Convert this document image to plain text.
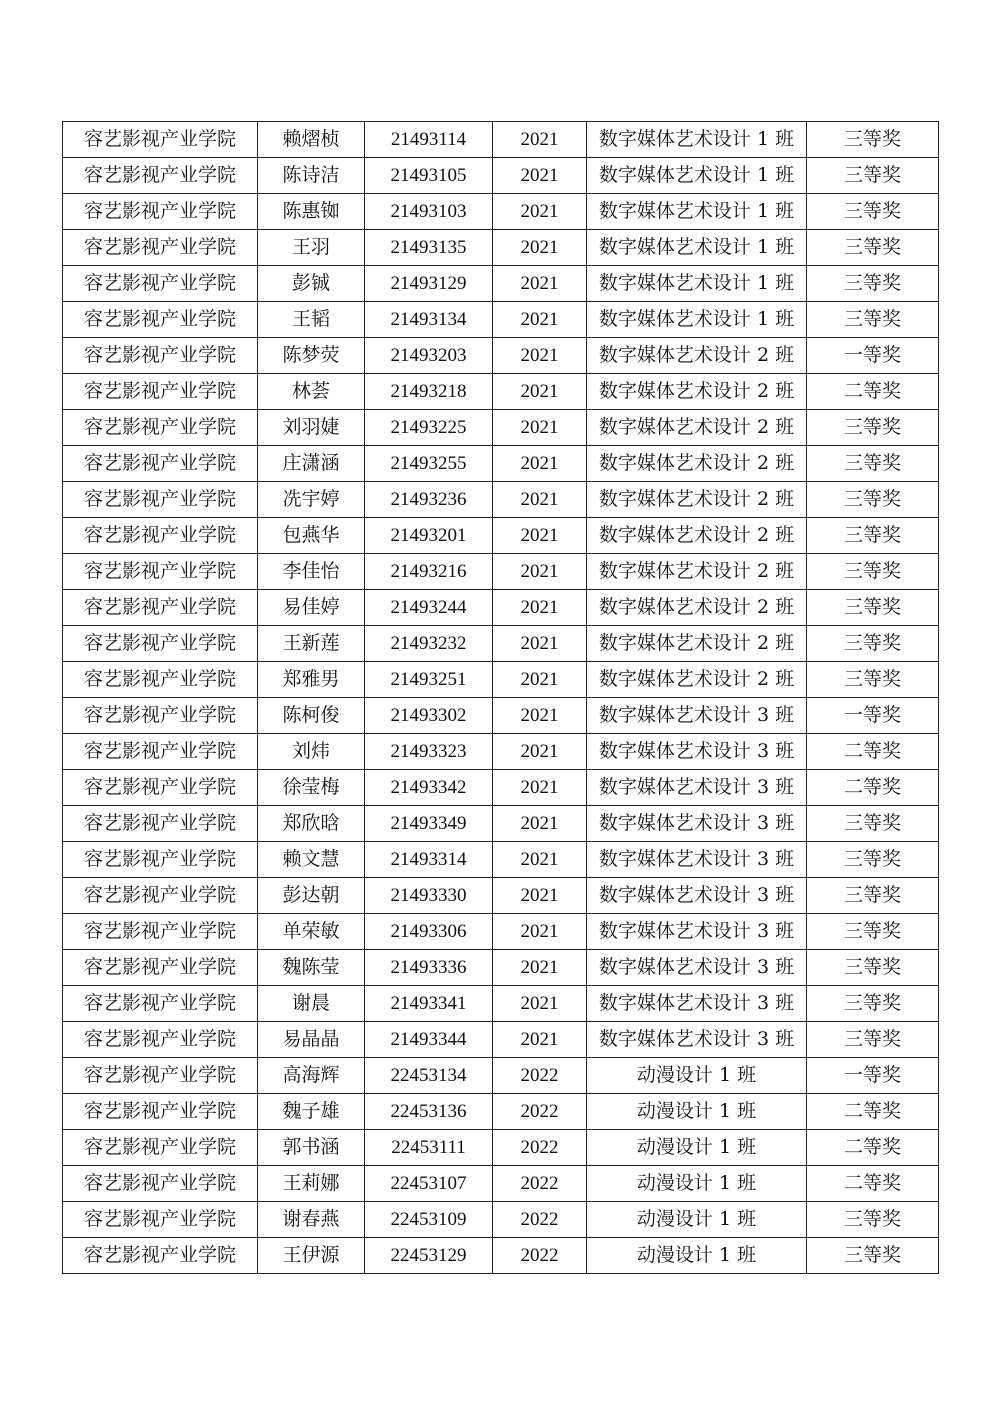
容艺影视产业学院	赖熠桢	21493114	2021	数字媒体艺术设计 1 班	三等奖
容艺影视产业学院	陈诗洁	21493105	2021	数字媒体艺术设计 1 班	三等奖
容艺影视产业学院	陈惠铷	21493103	2021	数字媒体艺术设计 1 班	三等奖
容艺影视产业学院	王羽	21493135	2021	数字媒体艺术设计 1 班	三等奖
容艺影视产业学院	彭铖	21493129	2021	数字媒体艺术设计 1 班	三等奖
容艺影视产业学院	王韬	21493134	2021	数字媒体艺术设计 1 班	三等奖
容艺影视产业学院	陈梦荧	21493203	2021	数字媒体艺术设计 2 班	一等奖
容艺影视产业学院	林荟	21493218	2021	数字媒体艺术设计 2 班	二等奖
容艺影视产业学院	刘羽婕	21493225	2021	数字媒体艺术设计 2 班	三等奖
容艺影视产业学院	庄潇涵	21493255	2021	数字媒体艺术设计 2 班	三等奖
容艺影视产业学院	冼宇婷	21493236	2021	数字媒体艺术设计 2 班	三等奖
容艺影视产业学院	包燕华	21493201	2021	数字媒体艺术设计 2 班	三等奖
容艺影视产业学院	李佳怡	21493216	2021	数字媒体艺术设计 2 班	三等奖
容艺影视产业学院	易佳婷	21493244	2021	数字媒体艺术设计 2 班	三等奖
容艺影视产业学院	王新莲	21493232	2021	数字媒体艺术设计 2 班	三等奖
容艺影视产业学院	郑雅男	21493251	2021	数字媒体艺术设计 2 班	三等奖
容艺影视产业学院	陈柯俊	21493302	2021	数字媒体艺术设计 3 班	一等奖
容艺影视产业学院	刘炜	21493323	2021	数字媒体艺术设计 3 班	二等奖
容艺影视产业学院	徐莹梅	21493342	2021	数字媒体艺术设计 3 班	二等奖
容艺影视产业学院	郑欣晗	21493349	2021	数字媒体艺术设计 3 班	三等奖
容艺影视产业学院	赖文慧	21493314	2021	数字媒体艺术设计 3 班	三等奖
容艺影视产业学院	彭达朝	21493330	2021	数字媒体艺术设计 3 班	三等奖
容艺影视产业学院	单荣敏	21493306	2021	数字媒体艺术设计 3 班	三等奖
容艺影视产业学院	魏陈莹	21493336	2021	数字媒体艺术设计 3 班	三等奖
容艺影视产业学院	谢晨	21493341	2021	数字媒体艺术设计 3 班	三等奖
容艺影视产业学院	易晶晶	21493344	2021	数字媒体艺术设计 3 班	三等奖
容艺影视产业学院	高海辉	22453134	2022	动漫设计 1 班	一等奖
容艺影视产业学院	魏子雄	22453136	2022	动漫设计 1 班	二等奖
容艺影视产业学院	郭书涵	22453111	2022	动漫设计 1 班	二等奖
容艺影视产业学院	王莉娜	22453107	2022	动漫设计 1 班	二等奖
容艺影视产业学院	谢春燕	22453109	2022	动漫设计 1 班	三等奖
容艺影视产业学院	王伊源	22453129	2022	动漫设计 1 班	三等奖
